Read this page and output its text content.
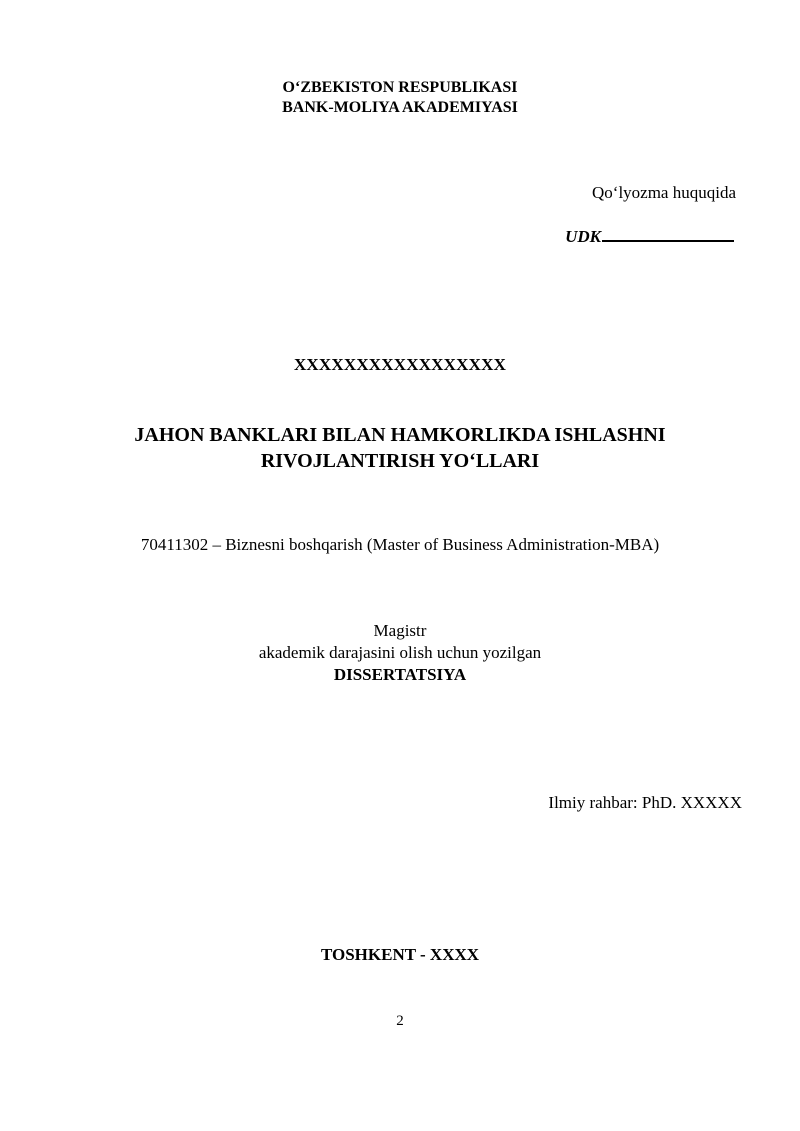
O‘ZBEKISTON RESPUBLIKASI
BANK-MOLIYA AKADEMIYASI
Qo‘lyozma huquqida
UDK
XXXXXXXXXXXXXXXXX
JAHON BANKLARI BILAN HAMKORLIKDA ISHLASHNI
RIVOJLANTIRISH YO‘LLARI
70411302 – Biznesni boshqarish (Master of Business Administration-MBA)
Magistr
akademik darajasini olish uchun yozilgan
DISSERTATSIYA
Ilmiy rahbar: PhD. XXXXX
TOSHKENT - XXXX
2
